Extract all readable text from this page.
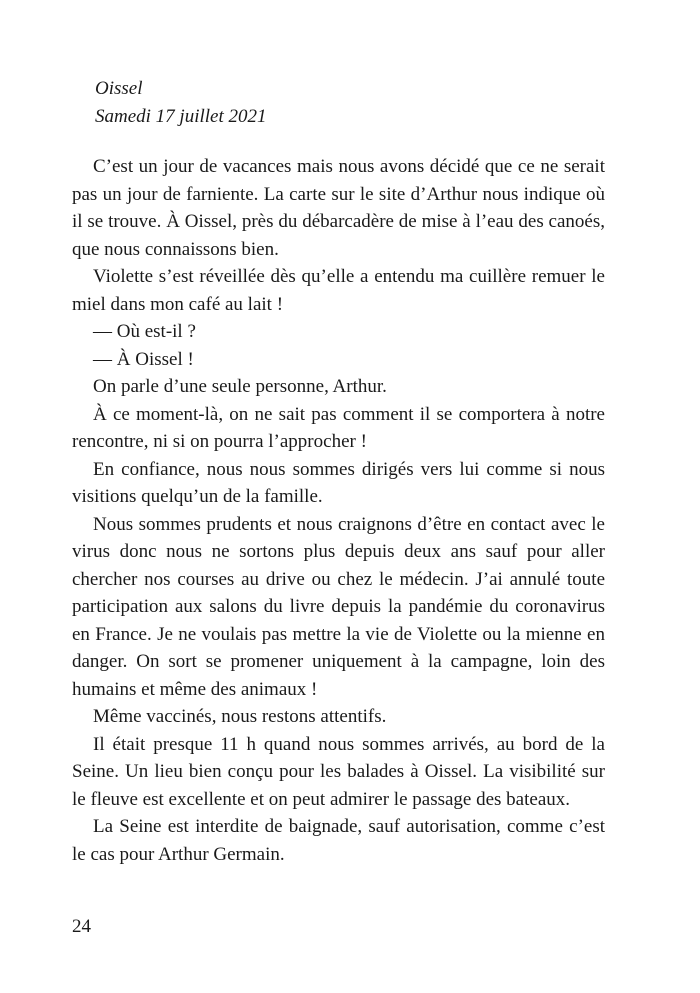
Oissel
Samedi 17 juillet 2021

C’est un jour de vacances mais nous avons décidé que ce ne serait pas un jour de farniente. La carte sur le site d’Arthur nous indique où il se trouve. À Oissel, près du débarcadère de mise à l’eau des canoés, que nous connaissons bien.

Violette s’est réveillée dès qu’elle a entendu ma cuillère remuer le miel dans mon café au lait !

— Où est-il ?

— À Oissel !

On parle d’une seule personne, Arthur.

À ce moment-là, on ne sait pas comment il se comportera à notre rencontre, ni si on pourra l’approcher !

En confiance, nous nous sommes dirigés vers lui comme si nous visitions quelqu’un de la famille.

Nous sommes prudents et nous craignons d’être en contact avec le virus donc nous ne sortons plus depuis deux ans sauf pour aller chercher nos courses au drive ou chez le médecin. J’ai annulé toute participation aux salons du livre depuis la pandémie du coronavirus en France. Je ne voulais pas mettre la vie de Violette ou la mienne en danger. On sort se promener uniquement à la campagne, loin des humains et même des animaux !

Même vaccinés, nous restons attentifs.

Il était presque 11 h quand nous sommes arrivés, au bord de la Seine. Un lieu bien conçu pour les balades à Oissel. La visibilité sur le fleuve est excellente et on peut admirer le passage des bateaux.

La Seine est interdite de baignade, sauf autorisation, comme c’est le cas pour Arthur Germain.

24
